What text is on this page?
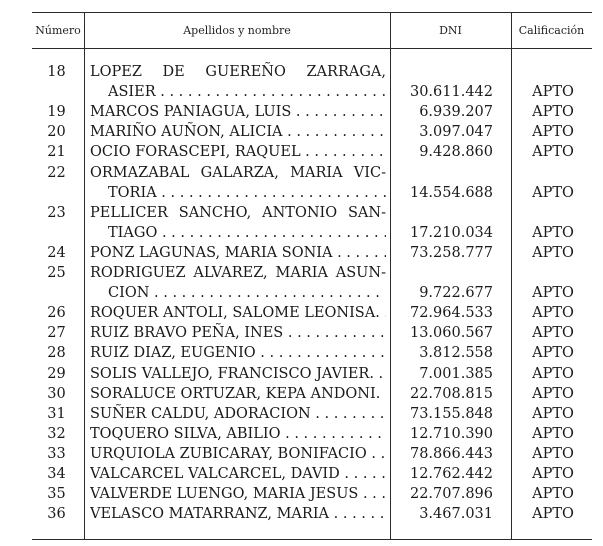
Número	Apellidos y nombre	DNI	Calificación
18	LOPEZ DE GUEREÑO ZARRAGA,
ASIER . . .	30.611.442	APTO
19	MARCOS PANIAGUA, LUIS . . .	6.939.207	APTO
20	MARIÑO AUÑON, ALICIA . . .	3.097.047	APTO
21	OCIO FORASCEPI, RAQUEL . . .	9.428.860	APTO
22	ORMAZABAL GALARZA, MARIA VIC-
TORIA . . .	14.554.688	APTO
23	PELLICER SANCHO, ANTONIO SAN-
TIAGO . . .	17.210.034	APTO
24	PONZ LAGUNAS, MARIA SONIA . . .	73.258.777	APTO
25	RODRIGUEZ ALVAREZ, MARIA ASUN-
CION . . .	9.722.677	APTO
26	ROQUER ANTOLI, SALOME LEONISA. . . .	72.964.533	APTO
27	RUIZ BRAVO PEÑA, INES . . .	13.060.567	APTO
28	RUIZ DIAZ, EUGENIO . . .	3.812.558	APTO
29	SOLIS VALLEJO, FRANCISCO JAVIER. . . .	7.001.385	APTO
30	SORALUCE ORTUZAR, KEPA ANDONI. . . .	22.708.815	APTO
31	SUÑER CALDU, ADORACION . . .	73.155.848	APTO
32	TOQUERO SILVA, ABILIO . . .	12.710.390	APTO
33	URQUIOLA ZUBICARAY, BONIFACIO . . .	78.866.443	APTO
34	VALCARCEL VALCARCEL, DAVID . . .	12.762.442	APTO
35	VALVERDE LUENGO, MARIA JESUS . . .	22.707.896	APTO
36	VELASCO MATARRANZ, MARIA . . .	3.467.031	APTO
